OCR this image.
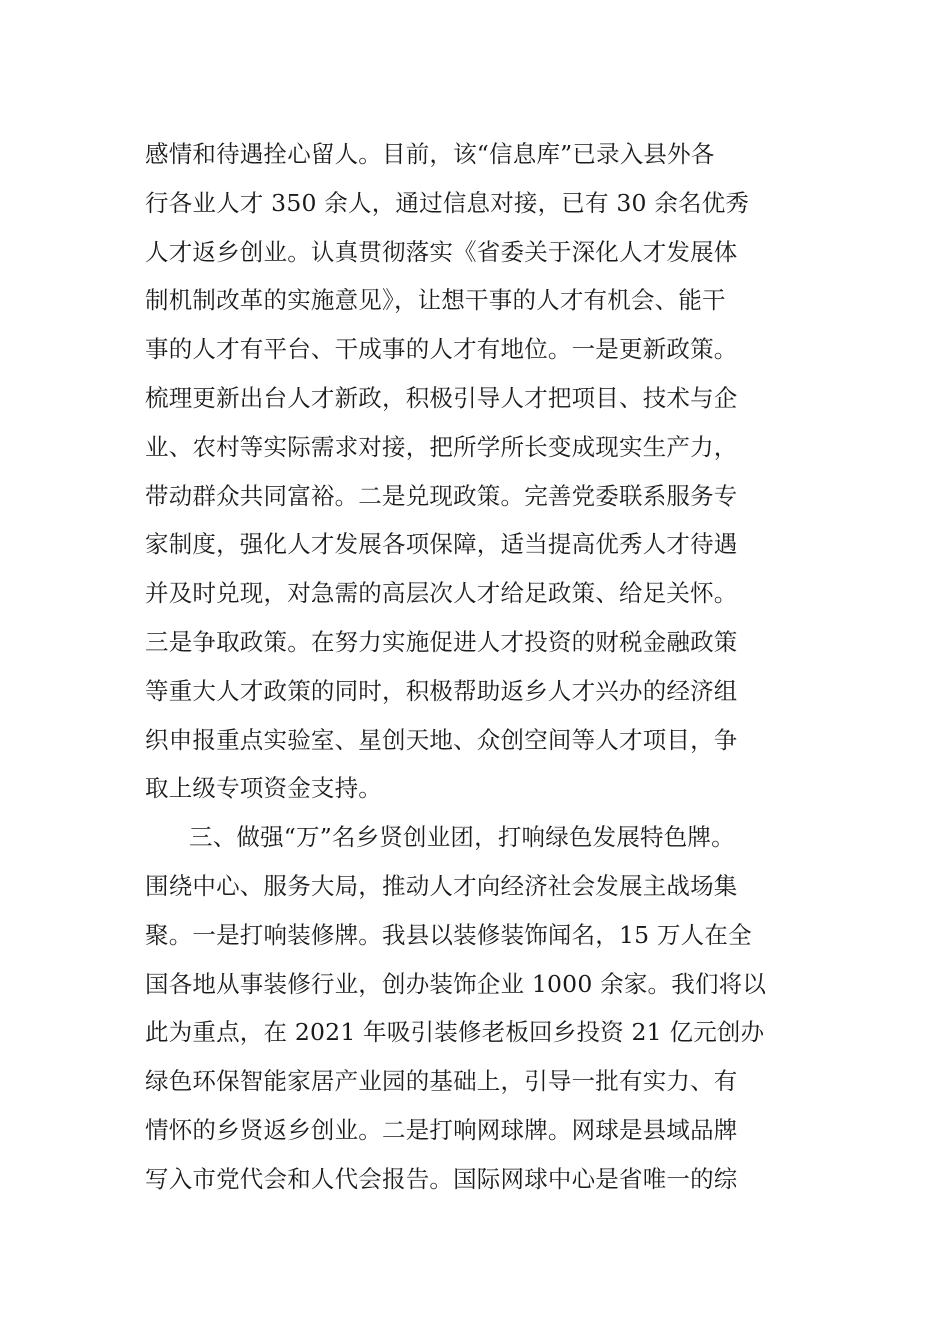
感情和待遇拴心留人。目前，该“信息库”已录入县外各
行各业人才 350 余人，通过信息对接，已有 30 余名优秀
人才返乡创业。认真贯彻落实《省委关于深化人才发展体
制机制改革的实施意见》，让想干事的人才有机会、能干
事的人才有平台、干成事的人才有地位。一是更新政策。
梳理更新出台人才新政，积极引导人才把项目、技术与企
业、农村等实际需求对接，把所学所长变成现实生产力，
带动群众共同富裕。二是兑现政策。完善党委联系服务专
家制度，强化人才发展各项保障，适当提高优秀人才待遇
并及时兑现，对急需的高层次人才给足政策、给足关怀。
三是争取政策。在努力实施促进人才投资的财税金融政策
等重大人才政策的同时，积极帮助返乡人才兴办的经济组
织申报重点实验室、星创天地、众创空间等人才项目，争
取上级专项资金支持。
三、做强“万”名乡贤创业团，打响绿色发展特色牌。
围绕中心、服务大局，推动人才向经济社会发展主战场集
聚。一是打响装修牌。我县以装修装饰闻名，15 万人在全
国各地从事装修行业，创办装饰企业 1000 余家。我们将以
此为重点，在 2021 年吸引装修老板回乡投资 21 亿元创办
绿色环保智能家居产业园的基础上，引导一批有实力、有
情怀的乡贤返乡创业。二是打响网球牌。网球是县域品牌
写入市党代会和人代会报告。国际网球中心是省唯一的综
